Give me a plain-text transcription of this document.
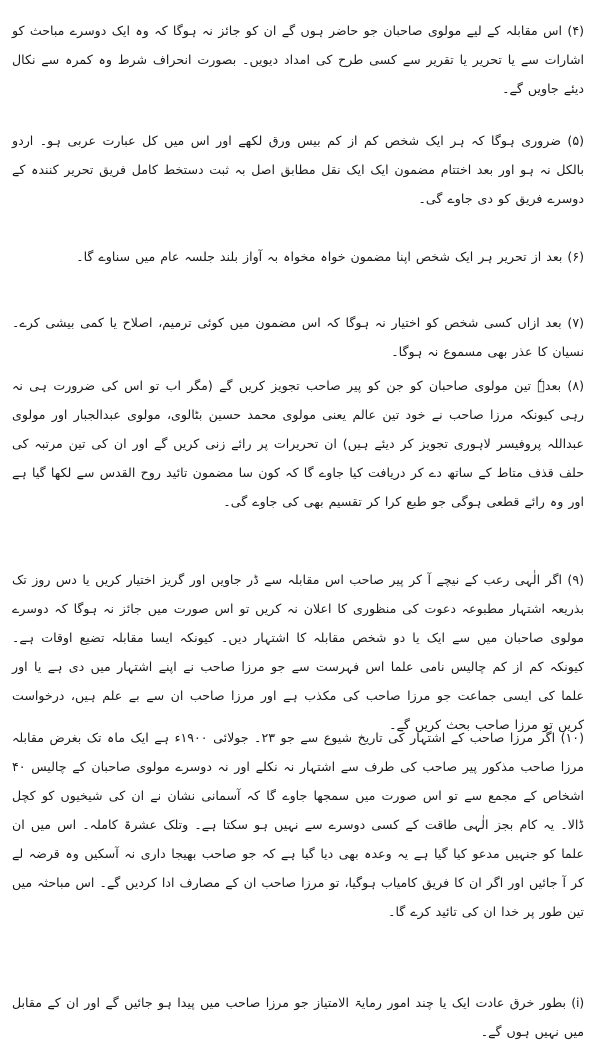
(۴) اس مقابلہ کے لیے مولوی صاحبان جو حاضر ہوں گے ان کو جائز نہ ہوگا کہ وہ ایک دوسرے مباحث کو اشارات سے یا تحریر یا تقریر سے کسی طرح کی امداد دیویں۔ بصورت انحراف شرط وہ کمرہ سے نکال دیئے جاویں گے۔

(۵) ضروری ہوگا کہ ہر ایک شخص کم از کم بیس ورق لکھے اور اس میں کل عبارت عربی ہو۔ اردو بالکل نہ ہو اور بعد اختتام مضمون ایک ایک نقل مطابق اصل بہ ثبت دستخط کامل فریق تحریر کنندہ کے دوسرے فریق کو دی جاوے گی۔

(۶) بعد از تحریر ہر ایک شخص اپنا مضمون خواہ مخواہ بہ آواز بلند جلسہ عام میں سناوے گا۔

(۷) بعد ازاں کسی شخص کو اختیار نہ ہوگا کہ اس مضمون میں کوئی ترمیم، اصلاح یا کمی بیشی کرے۔ نسیان کا عذر بھی مسموع نہ ہوگا۔

(۸) بعدہٗ تین مولوی صاحبان کو جن کو پیر صاحب تجویز کریں گے (مگر اب تو اس کی ضرورت ہی نہ رہی کیونکہ مرزا صاحب نے خود تین عالم یعنی مولوی محمد حسین بٹالوی، مولوی عبدالجبار اور مولوی عبداللہ پروفیسر لاہوری تجویز کر دیئے ہیں) ان تحریرات پر رائے زنی کریں گے اور ان کی تین مرتبہ کی حلف قذف متاط کے ساتھ دے کر دریافت کیا جاوے گا کہ کون سا مضمون تائید روح القدس سے لکھا گیا ہے اور وہ رائے قطعی ہوگی جو طبع کرا کر تقسیم بھی کی جاوے گی۔

(۹) اگر الٰہی رعب کے نیچے آ کر پیر صاحب اس مقابلہ سے ڈر جاویں اور گریز اختیار کریں یا دس روز تک بذریعہ اشتہار مطبوعہ دعوت کی منظوری کا اعلان نہ کریں تو اس صورت میں جائز نہ ہوگا کہ دوسرے مولوی صاحبان میں سے ایک یا دو شخص مقابلہ کا اشتہار دیں۔ کیونکہ ایسا مقابلہ تضیع اوقات ہے۔ کیونکہ کم از کم چالیس نامی علما اس فہرست سے جو مرزا صاحب نے اپنے اشتہار میں دی ہے یا اور علما کی ایسی جماعت جو مرزا صاحب کی مکذب ہے اور مرزا صاحب ان سے بے علم ہیں، درخواست کریں تو مرزا صاحب بحث کریں گے۔

(۱۰) اگر مرزا صاحب کے اشتہار کی تاریخ شیوع سے جو ۲۳۔ جولائی ۱۹۰۰ء ہے ایک ماہ تک بغرض مقابلہ مرزا صاحب مذکور پیر صاحب کی طرف سے اشتہار نہ نکلے اور نہ دوسرے مولوی صاحبان کے چالیس ۴۰ اشخاص کے مجمع سے تو اس صورت میں سمجھا جاوے گا کہ آسمانی نشان نے ان کی شیخیوں کو کچل ڈالا۔ یہ کام بجز الٰہی طاقت کے کسی دوسرے سے نہیں ہو سکتا ہے۔ وتلک عشرۃ کاملہ۔ اس میں ان علما کو جنہیں مدعو کیا گیا ہے یہ وعدہ بھی دیا گیا ہے کہ جو صاحب بھیجا داری نہ آسکیں وہ قرضہ لے کر آ جائیں اور اگر ان کا فریق کامیاب ہوگیا، تو مرزا صاحب ان کے مصارف ادا کردیں گے۔ اس مباحثہ میں تین طور پر خدا ان کی تائید کرے گا۔

(i) بطور خرق عادت ایک یا چند امور رمایۃ الامتیاز جو مرزا صاحب میں پیدا ہو جائیں گے اور ان کے مقابل میں نہیں ہوں گے۔
